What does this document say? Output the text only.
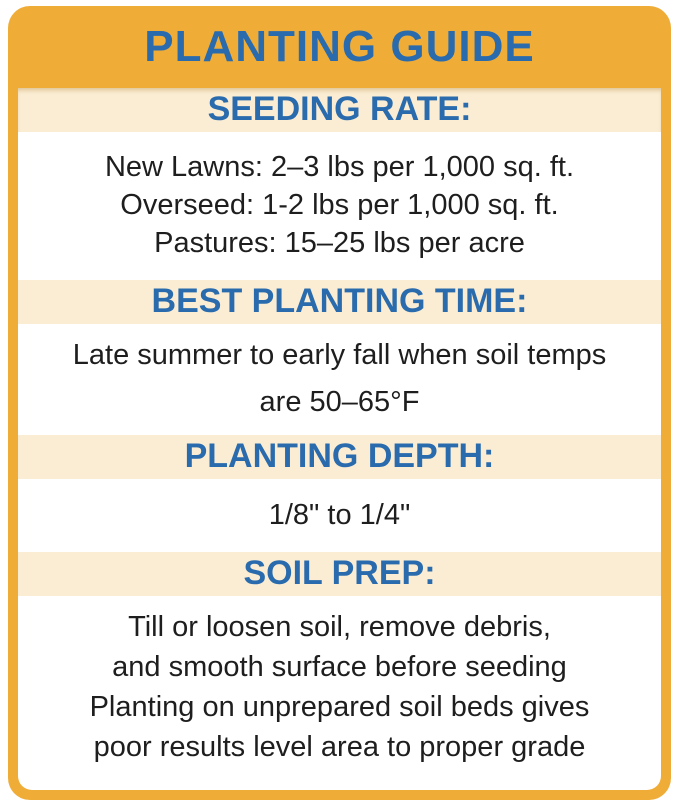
PLANTING GUIDE
SEEDING RATE:
New Lawns: 2–3 lbs per 1,000 sq. ft.
Overseed: 1-2 lbs per 1,000 sq. ft.
Pastures: 15–25 lbs per acre
BEST PLANTING TIME:
Late summer to early fall when soil temps
are 50–65°F
PLANTING DEPTH:
1/8" to 1/4"
SOIL PREP:
Till or loosen soil, remove debris,
and smooth surface before seeding
Planting on unprepared soil beds gives
poor results level area to proper grade
